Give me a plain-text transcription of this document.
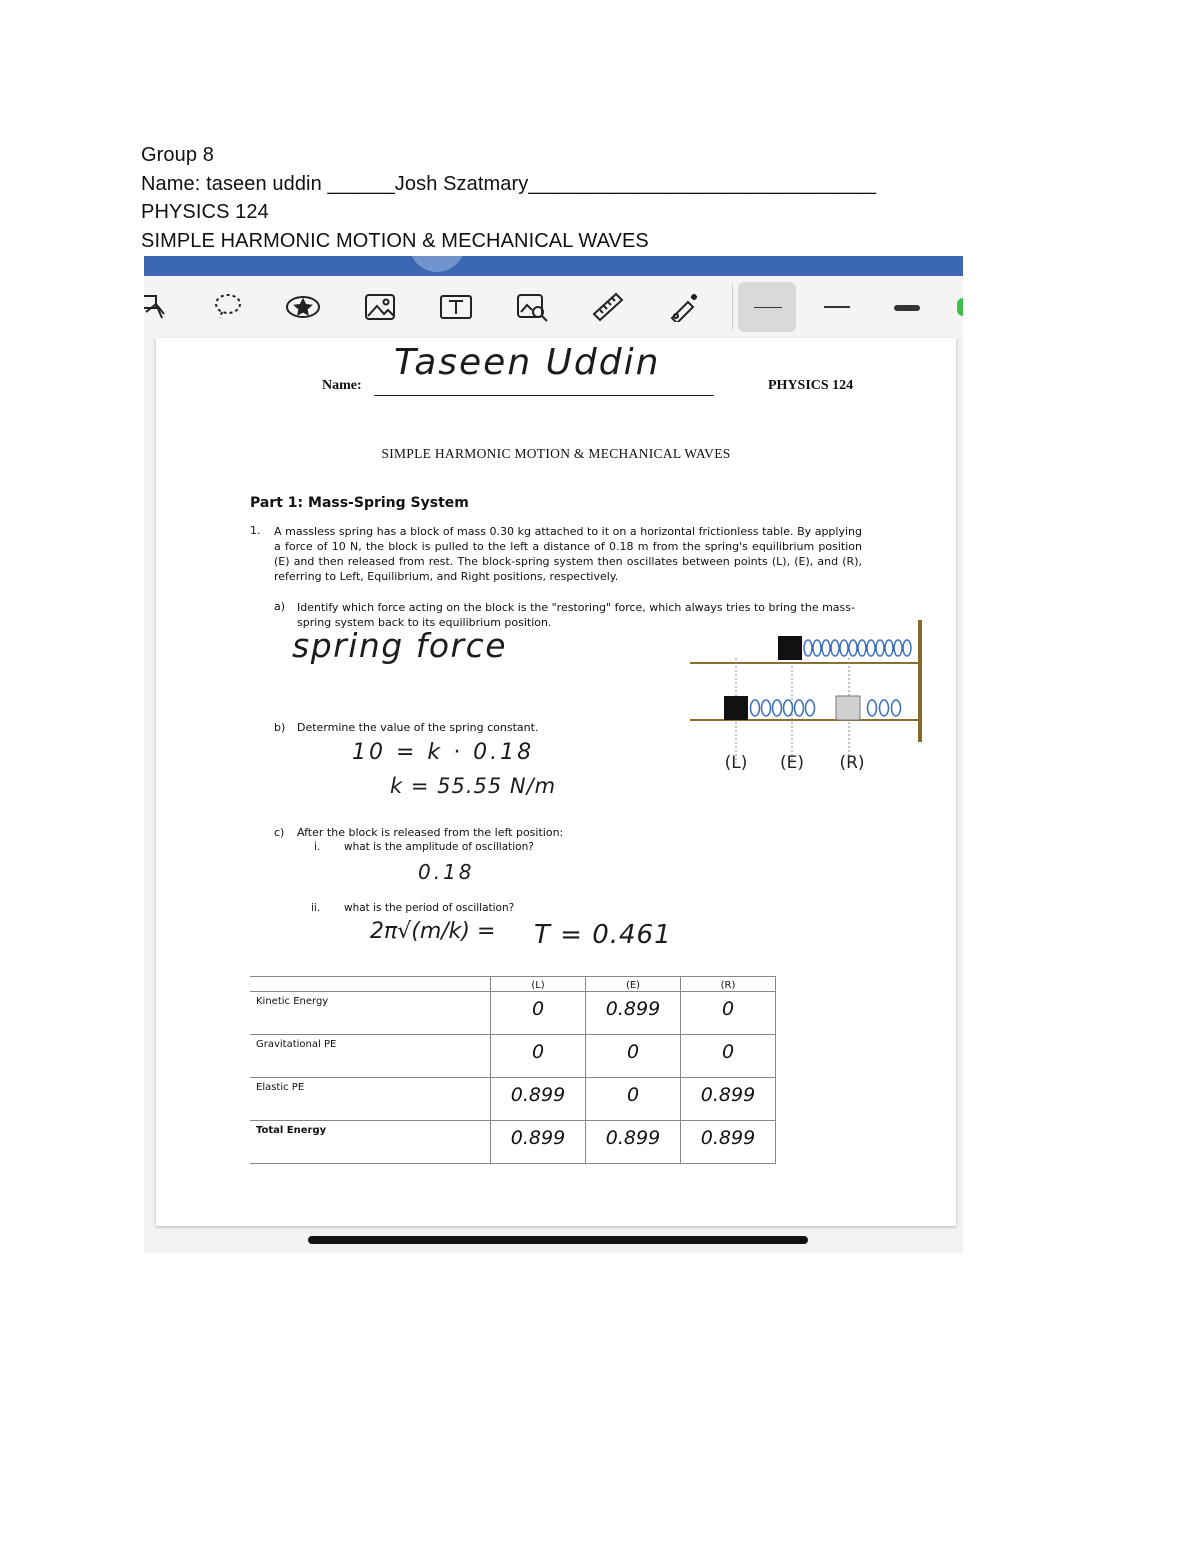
Group 8
Name: taseen uddin ______Josh Szatmary_______________________________
PHYSICS 124
SIMPLE HARMONIC MOTION & MECHANICAL WAVES
Name:
Taseen Uddin
PHYSICS 124
SIMPLE HARMONIC MOTION & MECHANICAL WAVES
Part 1: Mass-Spring System
1. A massless spring has a block of mass 0.30 kg attached to it on a horizontal frictionless table. By applying a force of 10 N, the block is pulled to the left a distance of 0.18 m from the spring's equilibrium position (E) and then released from rest. The block-spring system then oscillates between points (L), (E), and (R), referring to Left, Equilibrium, and Right positions, respectively.
a) Identify which force acting on the block is the "restoring" force, which always tries to bring the mass-spring system back to its equilibrium position.
spring force
b) Determine the value of the spring constant.
10 = k · 0.18
k = 55.55 N/m
c) After the block is released from the left position:
i. what is the amplitude of oscillation?
0.18
ii. what is the period of oscillation?
2π√(m/k) = T = 0.461
(L) (E) (R)
	(L)	(E)	(R)
Kinetic Energy	0	0.899	0

Gravitational PE	0	0	0

Elastic PE	0.899	0	0.899

Total Energy	0.899	0.899	0.899
